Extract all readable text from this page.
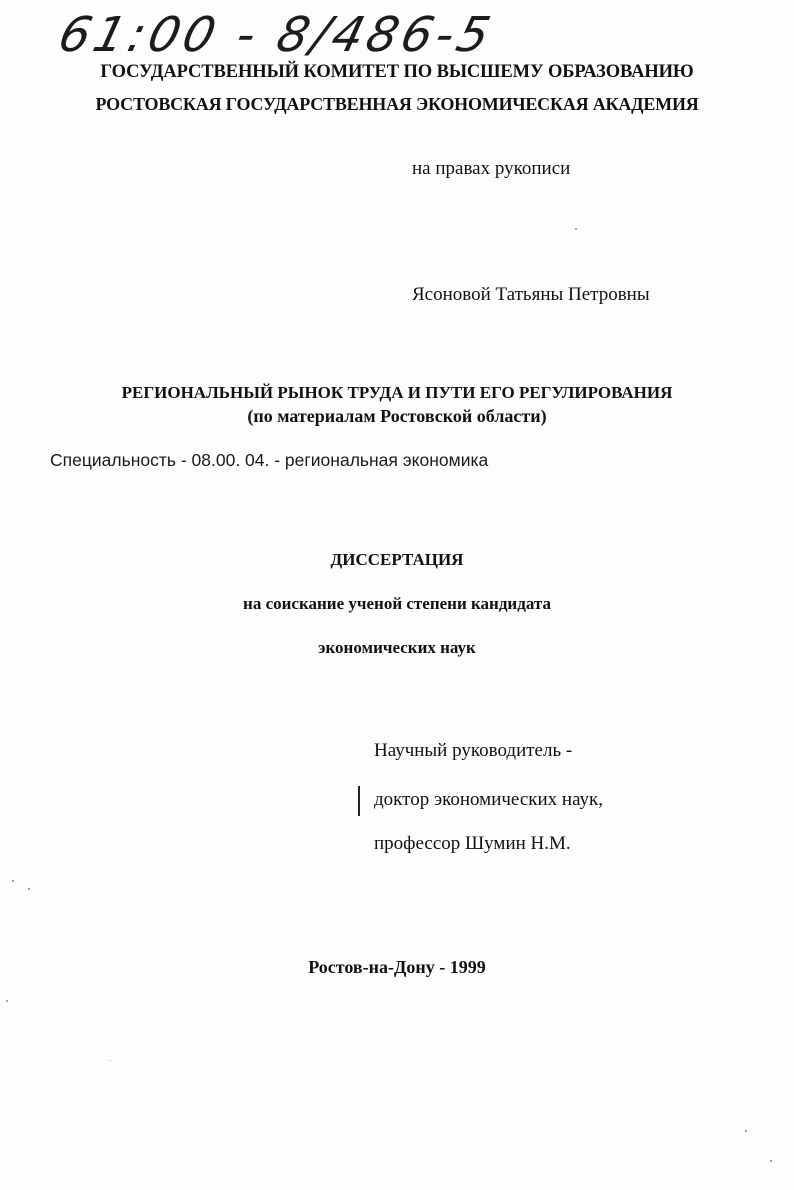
61:00 - 8/486-5
ГОСУДАРСТВЕННЫЙ КОМИТЕТ ПО ВЫСШЕМУ ОБРАЗОВАНИЮ
РОСТОВСКАЯ ГОСУДАРСТВЕННАЯ ЭКОНОМИЧЕСКАЯ АКАДЕМИЯ
на правах рукописи
Ясоновой Татьяны Петровны
РЕГИОНАЛЬНЫЙ РЫНОК ТРУДА И ПУТИ ЕГО РЕГУЛИРОВАНИЯ
(по материалам Ростовской области)
Специальность - 08.00. 04. - региональная экономика
ДИССЕРТАЦИЯ
на соискание ученой степени кандидата
экономических наук
Научный руководитель -
доктор экономических наук,
профессор Шумин Н.М.
Ростов-на-Дону - 1999
